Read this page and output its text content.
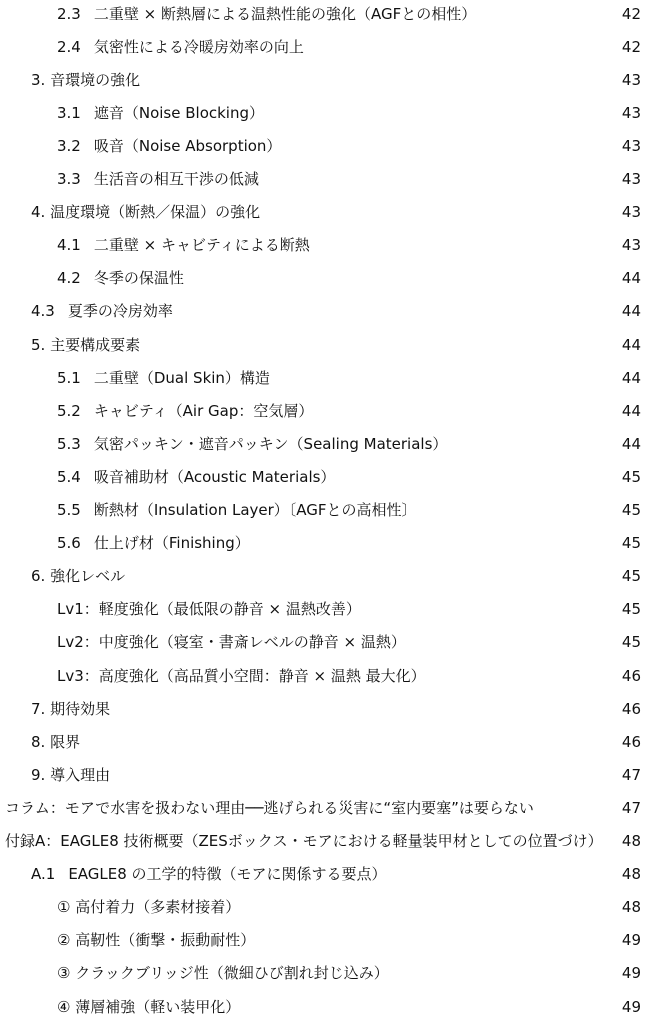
2.3 二重壁 × 断熱層による温熱性能の強化（AGFとの相性）	42
2.4 気密性による冷暖房効率の向上	42
3. 音環境の強化	43
3.1 遮音（Noise Blocking）	43
3.2 吸音（Noise Absorption）	43
3.3 生活音の相互干渉の低減	43
4. 温度環境（断熱／保温）の強化	43
4.1 二重壁 × キャビティによる断熱	43
4.2 冬季の保温性	44
4.3 夏季の冷房効率	44
5. 主要構成要素	44
5.1 二重壁（Dual Skin）構造	44
5.2 キャビティ（Air Gap：空気層）	44
5.3 気密パッキン・遮音パッキン（Sealing Materials）	44
5.4 吸音補助材（Acoustic Materials）	45
5.5 断熱材（Insulation Layer）〔AGFとの高相性〕	45
5.6 仕上げ材（Finishing）	45
6. 強化レベル	45
Lv1：軽度強化（最低限の静音 × 温熱改善）	45
Lv2：中度強化（寝室・書斎レベルの静音 × 温熱）	45
Lv3：高度強化（高品質小空間：静音 × 温熱 最大化）	46
7. 期待効果	46
8. 限界	46
9. 導入理由	47
コラム：モアで水害を扱わない理由──逃げられる災害に“室内要塞”は要らない	47
付録A：EAGLE8 技術概要（ZESボックス・モアにおける軽量装甲材としての位置づけ）	48
A.1 EAGLE8 の工学的特徴（モアに関係する要点）	48
① 高付着力（多素材接着）	48
② 高靭性（衝撃・振動耐性）	49
③ クラックブリッジ性（微細ひび割れ封じ込み）	49
④ 薄層補強（軽い装甲化）	49
